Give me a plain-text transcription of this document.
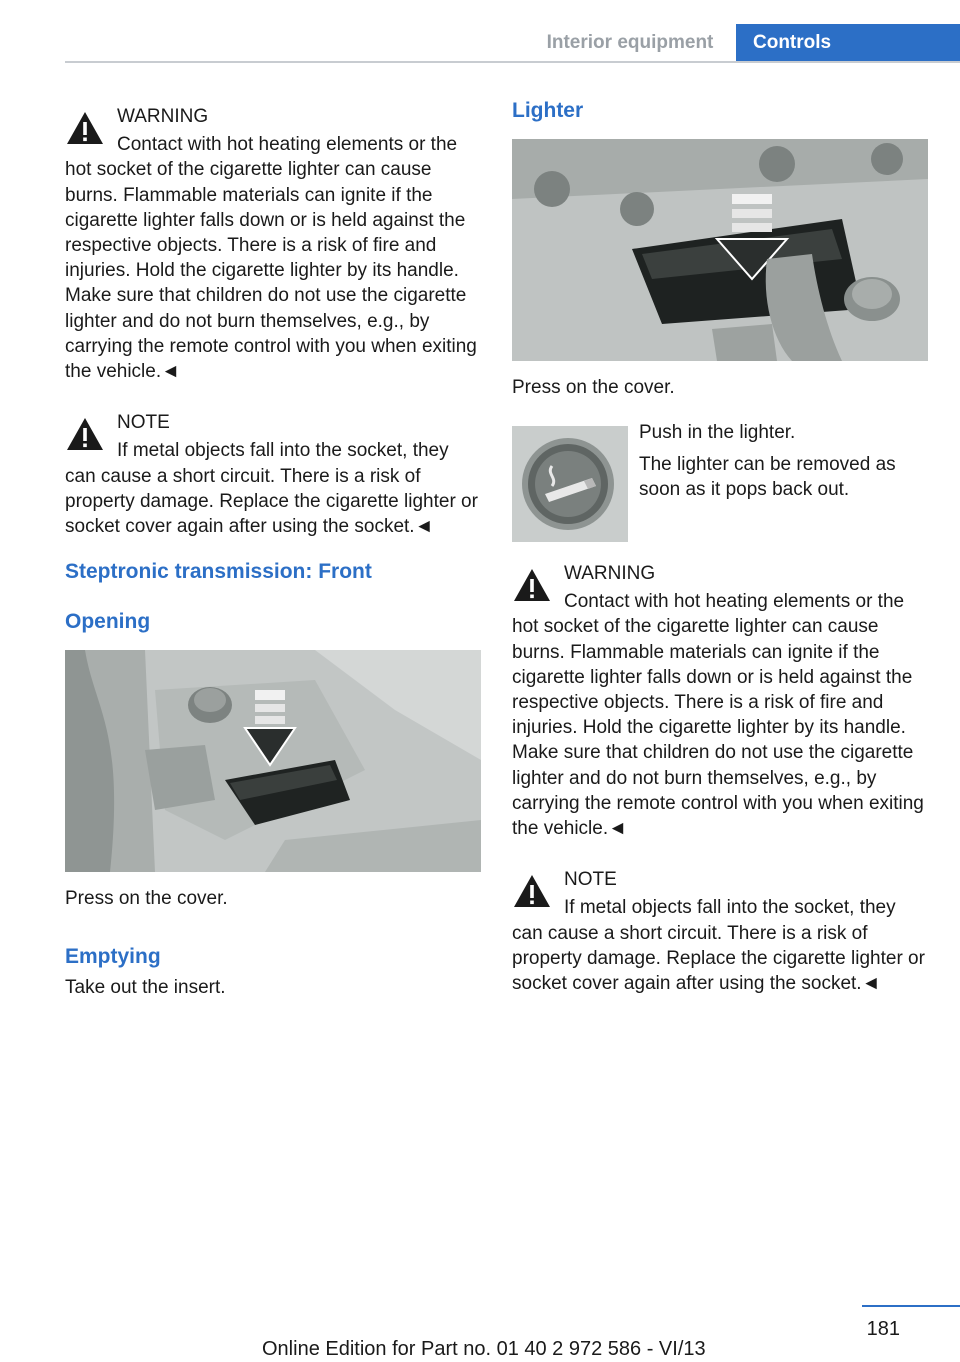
Interior equipment	Controls
WARNING
Contact with hot heating elements or the hot socket of the cigarette lighter can cause burns. Flammable materials can ignite if the cigarette lighter falls down or is held against the respective objects. There is a risk of fire and injuries. Hold the cigarette lighter by its handle. Make sure that children do not use the cigarette lighter and do not burn themselves, e.g., by carrying the remote control with you when exiting the vehicle.◄
NOTE
If metal objects fall into the socket, they can cause a short circuit. There is a risk of property damage. Replace the cigarette lighter or socket cover again after using the socket.◄
Steptronic transmission: Front
Opening
Press on the cover.
Emptying
Take out the insert.
Lighter
Press on the cover.

Push in the lighter.

The lighter can be removed as soon as it pops back out.

WARNING
Contact with hot heating elements or the hot socket of the cigarette lighter can cause burns. Flammable materials can ignite if the cigarette lighter falls down or is held against the respective objects. There is a risk of fire and injuries. Hold the cigarette lighter by its handle. Make sure that children do not use the cigarette lighter and do not burn themselves, e.g., by carrying the remote control with you when exiting the vehicle.◄
NOTE
If metal objects fall into the socket, they can cause a short circuit. There is a risk of property damage. Replace the cigarette lighter or socket cover again after using the socket.◄
181
Online Edition for Part no. 01 40 2 972 586 - VI/13
